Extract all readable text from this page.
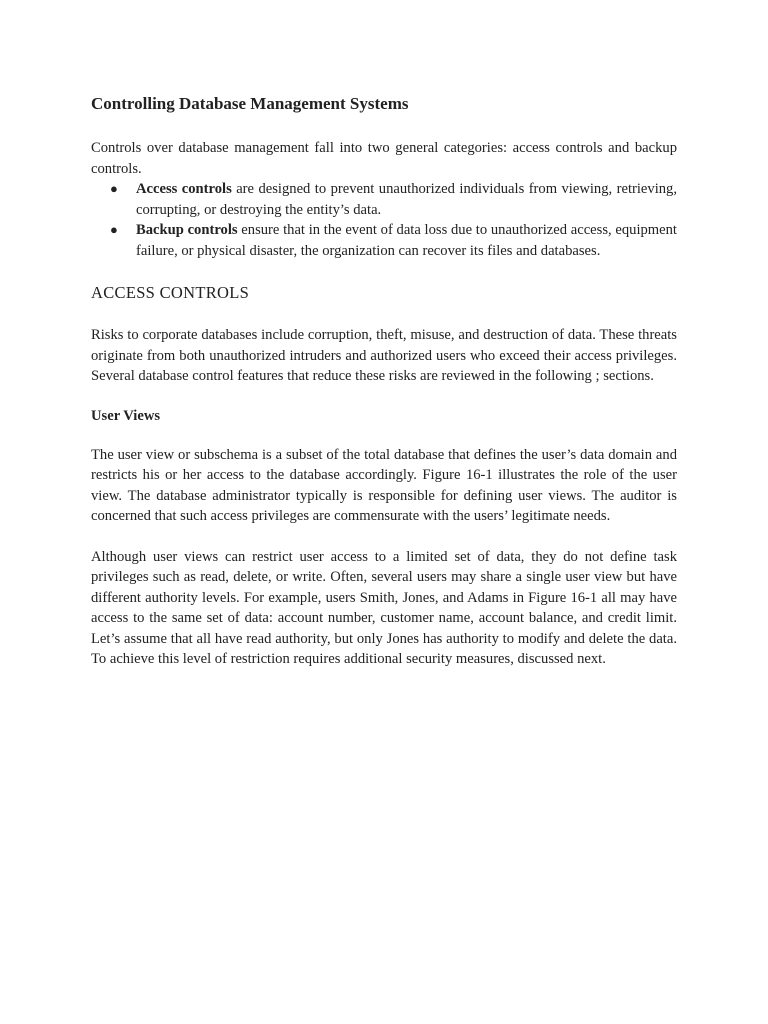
Controlling Database Management Systems

Controls over database management fall into two general categories: access controls and backup controls.

● Access controls are designed to prevent unauthorized individuals from viewing, retrieving, corrupting, or destroying the entity’s data.
● Backup controls ensure that in the event of data loss due to unauthorized access, equipment failure, or physical disaster, the organization can recover its files and databases.
ACCESS CONTROLS

Risks to corporate databases include corruption, theft, misuse, and destruction of data. These threats originate from both unauthorized intruders and authorized users who exceed their access privileges. Several database control features that reduce these risks are reviewed in the following ; sections.

User Views

The user view or subschema is a subset of the total database that defines the user’s data domain and restricts his or her access to the database accordingly. Figure 16-1 illustrates the role of the user view. The database administrator typically is responsible for defining user views. The auditor is concerned that such access privileges are commensurate with the users’ legitimate needs.

Although user views can restrict user access to a limited set of data, they do not define task privileges such as read, delete, or write. Often, several users may share a single user view but have different authority levels. For example, users Smith, Jones, and Adams in Figure 16-1 all may have access to the same set of data: account number, customer name, account balance, and credit limit. Let’s assume that all have read authority, but only Jones has authority to modify and delete the data. To achieve this level of restriction requires additional security measures, discussed next.
